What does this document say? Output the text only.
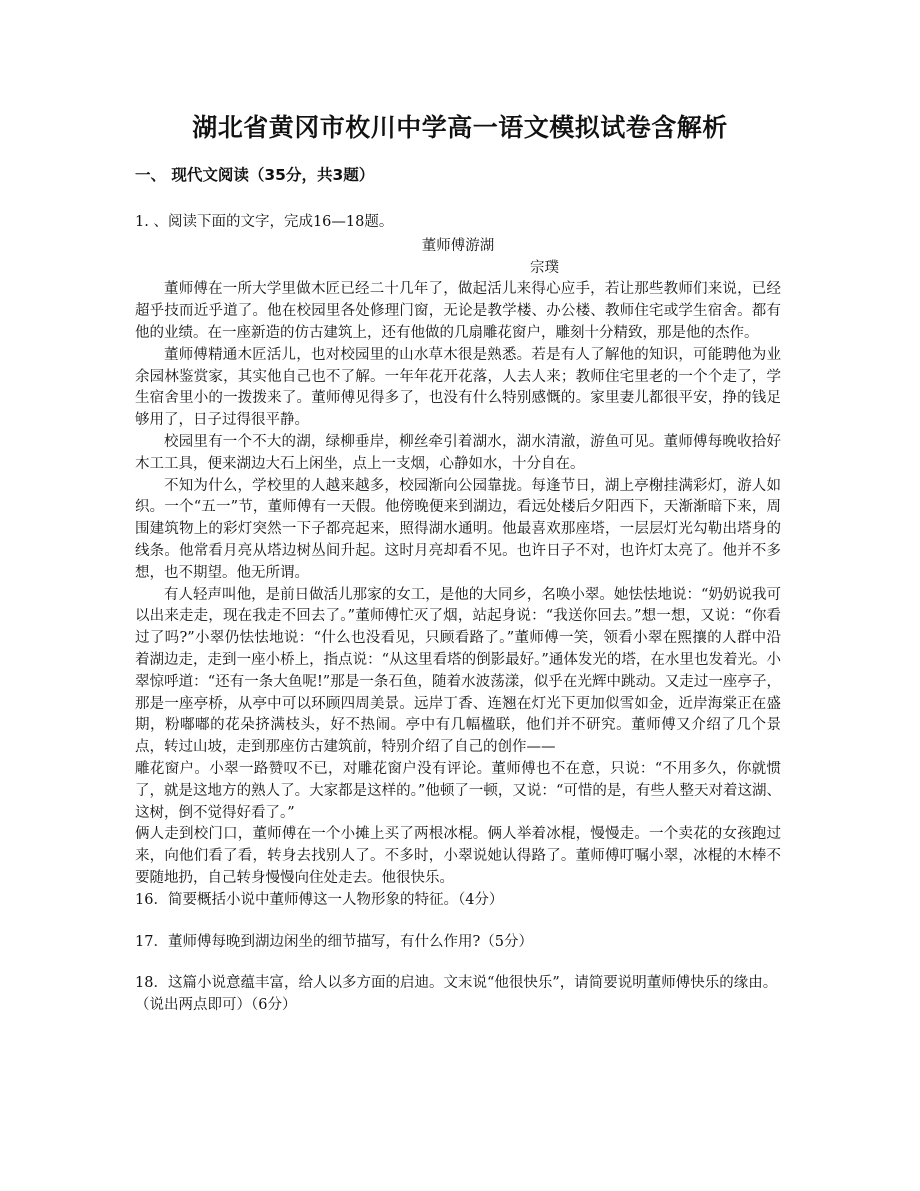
湖北省黄冈市枚川中学高一语文模拟试卷含解析
一、 现代文阅读（35分，共3题）

1. 、阅读下面的文字，完成16—18题。

董师傅游湖

宗璞

董师傅在一所大学里做木匠已经二十几年了，做起活儿来得心应手，若让那些教师们来说，已经超乎技而近乎道了。他在校园里各处修理门窗，无论是教学楼、办公楼、教师住宅或学生宿舍。都有他的业绩。在一座新造的仿古建筑上，还有他做的几扇雕花窗户，雕刻十分精致，那是他的杰作。

董师傅精通木匠活儿，也对校园里的山水草木很是熟悉。若是有人了解他的知识，可能聘他为业余园林鉴赏家，其实他自己也不了解。一年年花开花落，人去人来；教师住宅里老的一个个走了，学生宿舍里小的一拨拨来了。董师傅见得多了，也没有什么特别感慨的。家里妻儿都很平安，挣的钱足够用了，日子过得很平静。

校园里有一个不大的湖，绿柳垂岸，柳丝牵引着湖水，湖水清澈，游鱼可见。董师傅每晚收拾好木工工具，便来湖边大石上闲坐，点上一支烟，心静如水，十分自在。

不知为什么，学校里的人越来越多，校园渐向公园靠拢。每逢节日，湖上亭榭挂满彩灯，游人如织。一个“五一”节，董师傅有一天假。他傍晚便来到湖边，看远处楼后夕阳西下，天渐渐暗下来，周围建筑物上的彩灯突然一下子都亮起来，照得湖水通明。他最喜欢那座塔，一层层灯光勾勒出塔身的线条。他常看月亮从塔边树丛间升起。这时月亮却看不见。也许日子不对，也许灯太亮了。他并不多想，也不期望。他无所谓。

有人轻声叫他，是前日做活儿那家的女工，是他的大同乡，名唤小翠。她怯怯地说：“奶奶说我可以出来走走，现在我走不回去了。”董师傅忙灭了烟，站起身说：“我送你回去。”想一想，又说：“你看过了吗?”小翠仍怯怯地说：“什么也没看见，只顾看路了。”董师傅一笑，领看小翠在熙攘的人群中沿着湖边走，走到一座小桥上，指点说：“从这里看塔的倒影最好。”通体发光的塔，在水里也发着光。小翠惊呼道：“还有一条大鱼呢!”那是一条石鱼，随着水波荡漾，似乎在光辉中跳动。又走过一座亭子，那是一座亭桥，从亭中可以环顾四周美景。远岸丁香、连翘在灯光下更加似雪如金，近岸海棠正在盛期，粉嘟嘟的花朵挤满枝头，好不热闹。亭中有几幅楹联，他们并不研究。董师傅又介绍了几个景点，转过山坡，走到那座仿古建筑前，特别介绍了自己的创作——

雕花窗户。小翠一路赞叹不已，对雕花窗户没有评论。董师傅也不在意，只说：“不用多久，你就惯了，就是这地方的熟人了。大家都是这样的。”他顿了一顿，又说：“可惜的是，有些人整天对着这湖、这树，倒不觉得好看了。”

俩人走到校门口，董师傅在一个小摊上买了两根冰棍。俩人举着冰棍，慢慢走。一个卖花的女孩跑过来，向他们看了看，转身去找别人了。不多时，小翠说她认得路了。董师傅叮嘱小翠，冰棍的木棒不要随地扔，自己转身慢慢向住处走去。他很快乐。

16．简要概括小说中董师傅这一人物形象的特征。（4分）

17．董师傅每晚到湖边闲坐的细节描写，有什么作用?（5分）

18．这篇小说意蕴丰富，给人以多方面的启迪。文末说“他很快乐”，请简要说明董师傅快乐的缘由。（说出两点即可）（6分）
